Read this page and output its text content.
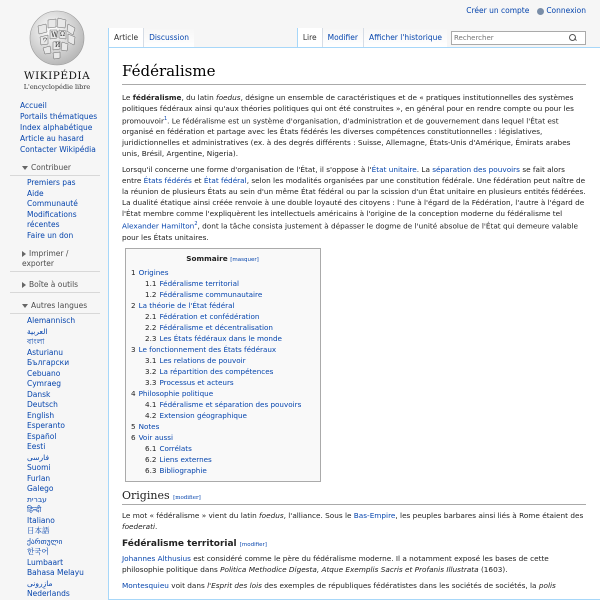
Créer un compte	Connexion
W Ω
ウ
И
WIKIPÉDIA
L'encyclopédie libre
Article	Discussion	Lire	Modifier	Afficher l'historique
Rechercher
Accueil
Portails thématiques
Index alphabétique
Article au hasard
Contacter Wikipédia
Contribuer
Premiers pas
Aide
Communauté
Modifications récentes
Faire un don
Imprimer / exporter
Boîte à outils
Autres langues
Alemannisch
العربية
বাংলা
Asturianu
Български
Cebuano
Cymraeg
Dansk
Deutsch
English
Esperanto
Español
Eesti
فارسی
Suomi
Furlan
Galego
עברית
हिन्दी
Italiano
日本語
ქართული
한국어
Lumbaart
Bahasa Melayu
مازِرونی
Nederlands
Fédéralisme

Le fédéralisme, du latin foedus, désigne un ensemble de caractéristiques et de « pratiques institutionnelles des systèmes politiques fédéraux ainsi qu'aux théories politiques qui ont été construites », en général pour en rendre compte ou pour les promouvoir$^1$. Le fédéralisme est un système d'organisation, d'administration et de gouvernement dans lequel l'État est organisé en fédération et partage avec les États fédérés les diverses compétences constitutionnelles : législatives, juridictionnelles et administratives (ex. à des degrés différents : Suisse, Allemagne, États-Unis d'Amérique, Émirats arabes unis, Brésil, Argentine, Nigeria).

Lorsqu'il concerne une forme d'organisation de l'État, il s'oppose à l'État unitaire. La séparation des pouvoirs se fait alors entre États fédérés et État fédéral, selon les modalités organisées par une constitution fédérale. Une fédération peut naître de la réunion de plusieurs États au sein d'un même État fédéral ou par la scission d'un État unitaire en plusieurs entités fédérées. La dualité étatique ainsi créée renvoie à une double loyauté des citoyens : l'une à l'égard de la Fédération, l'autre à l'égard de l'État membre comme l'expliquèrent les intellectuels américains à l'origine de la conception moderne du fédéralisme tel Alexander Hamilton$^2$, dont la tâche consista justement à dépasser le dogme de l'unité absolue de l'État qui demeure valable pour les États unitaires.

Sommaire [masquer]
1 Origines
1.1 Fédéralisme territorial
1.2 Fédéralisme communautaire
2 La théorie de l'État fédéral
2.1 Fédération et confédération
2.2 Fédéralisme et décentralisation
2.3 Les États fédéraux dans le monde
3 Le fonctionnement des États fédéraux
3.1 Les relations de pouvoir
3.2 La répartition des compétences
3.3 Processus et acteurs
4 Philosophie politique
4.1 Fédéralisme et séparation des pouvoirs
4.2 Extension géographique
5 Notes
6 Voir aussi
6.1 Corrélats
6.2 Liens externes
6.3 Bibliographie
Origines [modifier]

Le mot « fédéralisme » vient du latin foedus, l'alliance. Sous le Bas-Empire, les peuples barbares ainsi liés à Rome étaient des foederati.

Fédéralisme territorial [modifier]

Johannes Althusius est considéré comme le père du fédéralisme moderne. Il a notamment exposé les bases de cette philosophie politique dans Politica Methodice Digesta, Atque Exemplis Sacris et Profanis Illustrata (1603).

Montesquieu voit dans l'Esprit des lois des exemples de républiques fédératistes dans les sociétés de sociétés, la polis
